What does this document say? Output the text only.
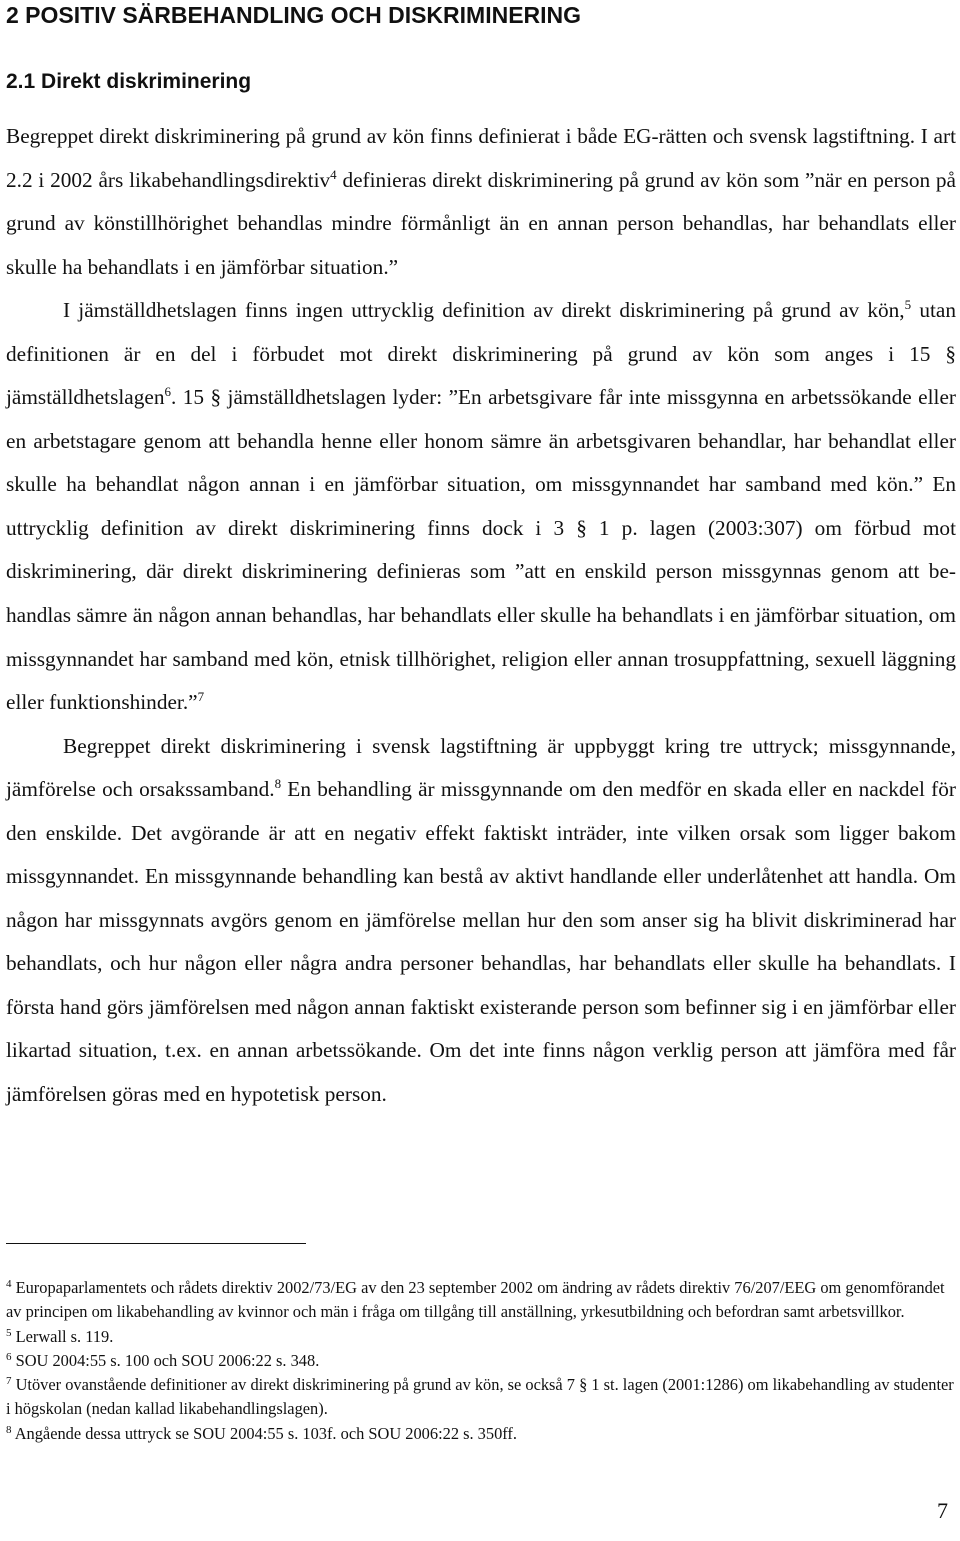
2 POSITIV SÄRBEHANDLING OCH DISKRIMINERING
2.1 Direkt diskriminering

Begreppet direkt diskriminering på grund av kön finns definierat i både EG-rätten och svensk lagstiftning. I art 2.2 i 2002 års likabehandlingsdirektiv$^4$ definieras direkt diskriminering på grund av kön som ”när en person på grund av könstillhörighet behandlas mindre förmånligt än en annan person behandlas, har behandlats eller skulle ha behandlats i en jämförbar situation.”

I jämställdhetslagen finns ingen uttrycklig definition av direkt diskriminering på grund av kön,$^5$ utan definitionen är en del i förbudet mot direkt diskriminering på grund av kön som anges i 15 § jämställdhetslagen$^6$. 15 § jämställdhetslagen lyder: ”En arbetsgivare får inte missgynna en arbetssökande eller en arbetstagare genom att behandla henne eller honom sämre än arbetsgivaren behandlar, har behandlat eller skulle ha behandlat någon annan i en jämförbar situation, om missgynnandet har samband med kön.” En uttrycklig definition av direkt diskriminering finns dock i 3 § 1 p. lagen (2003:307) om förbud mot diskriminering, där direkt diskriminering definieras som ”att en enskild person missgynnas genom att behandlas sämre än någon annan behandlas, har behandlats eller skulle ha behandlats i en jämförbar situation, om missgynnandet har samband med kön, etnisk tillhörighet, religion eller annan trosuppfattning, sexuell läggning eller funktionshinder.”$^7$

Begreppet direkt diskriminering i svensk lagstiftning är uppbyggt kring tre uttryck; missgynnande, jämförelse och orsakssamband.$^8$ En behandling är missgynnande om den medför en skada eller en nackdel för den enskilde. Det avgörande är att en negativ effekt faktiskt inträder, inte vilken orsak som ligger bakom missgynnandet. En missgynnande behandling kan bestå av aktivt handlande eller underlåtenhet att handla. Om någon har missgynnats avgörs genom en jämförelse mellan hur den som anser sig ha blivit diskriminerad har behandlats, och hur någon eller några andra personer behandlas, har behandlats eller skulle ha behandlats. I första hand görs jämförelsen med någon annan faktiskt existerande person som befinner sig i en jämförbar eller likartad situation, t.ex. en annan arbetssökande. Om det inte finns någon verklig person att jämföra med får jämförelsen göras med en hypotetisk person.

$^4$ Europaparlamentets och rådets direktiv 2002/73/EG av den 23 september 2002 om ändring av rådets direktiv 76/207/EEG om genomförandet av principen om likabehandling av kvinnor och män i fråga om tillgång till anställning, yrkesutbildning och befordran samt arbetsvillkor.

$^5$ Lerwall s. 119.

$^6$ SOU 2004:55 s. 100 och SOU 2006:22 s. 348.

$^7$ Utöver ovanstående definitioner av direkt diskriminering på grund av kön, se också 7 § 1 st. lagen (2001:1286) om likabehandling av studenter i högskolan (nedan kallad likabehandlingslagen).

$^8$ Angående dessa uttryck se SOU 2004:55 s. 103f. och SOU 2006:22 s. 350ff.

7
